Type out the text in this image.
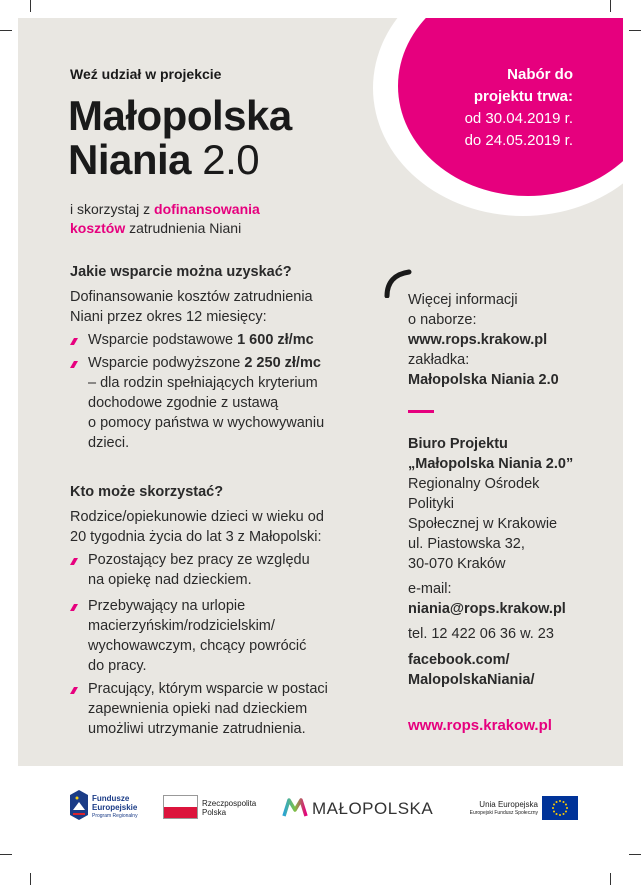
Weź udział w projekcie
Małopolska
Niania 2.0
i skorzystaj z dofinansowania
kosztów zatrudnienia Niani
Nabór do
projektu trwa:
od 30.04.2019 r.
do 24.05.2019 r.
Jakie wsparcie można uzyskać?
Dofinansowanie kosztów zatrudnienia
Niani przez okres 12 miesięcy:
Wsparcie podstawowe 1 600 zł/mc
Wsparcie podwyższone 2 250 zł/mc
– dla rodzin spełniających kryterium
dochodowe zgodnie z ustawą
o pomocy państwa w wychowywaniu
dzieci.
Kto może skorzystać?
Rodzice/opiekunowie dzieci w wieku od
20 tygodnia życia do lat 3 z Małopolski:
Pozostający bez pracy ze względu
na opiekę nad dzieckiem.
Przebywający na urlopie
macierzyńskim/rodzicielskim/
wychowawczym, chcący powrócić
do pracy.
Pracujący, którym wsparcie w postaci
zapewnienia opieki nad dzieckiem
umożliwi utrzymanie zatrudnienia.
Więcej informacji
o naborze:
www.rops.krakow.pl
zakładka:
Małopolska Niania 2.0
Biuro Projektu
„Małopolska Niania 2.0”
Regionalny Ośrodek
Polityki
Społecznej w Krakowie
ul. Piastowska 32,
30-070 Kraków
e-mail:
niania@rops.krakow.pl
tel. 12 422 06 36 w. 23
facebook.com/
MalopolskaNiania/
www.rops.krakow.pl
Fundusze
Europejskie
Program Regionalny
Rzeczpospolita
Polska	MAŁOPOLSKA	Unia Europejska
Europejski Fundusz Społeczny
